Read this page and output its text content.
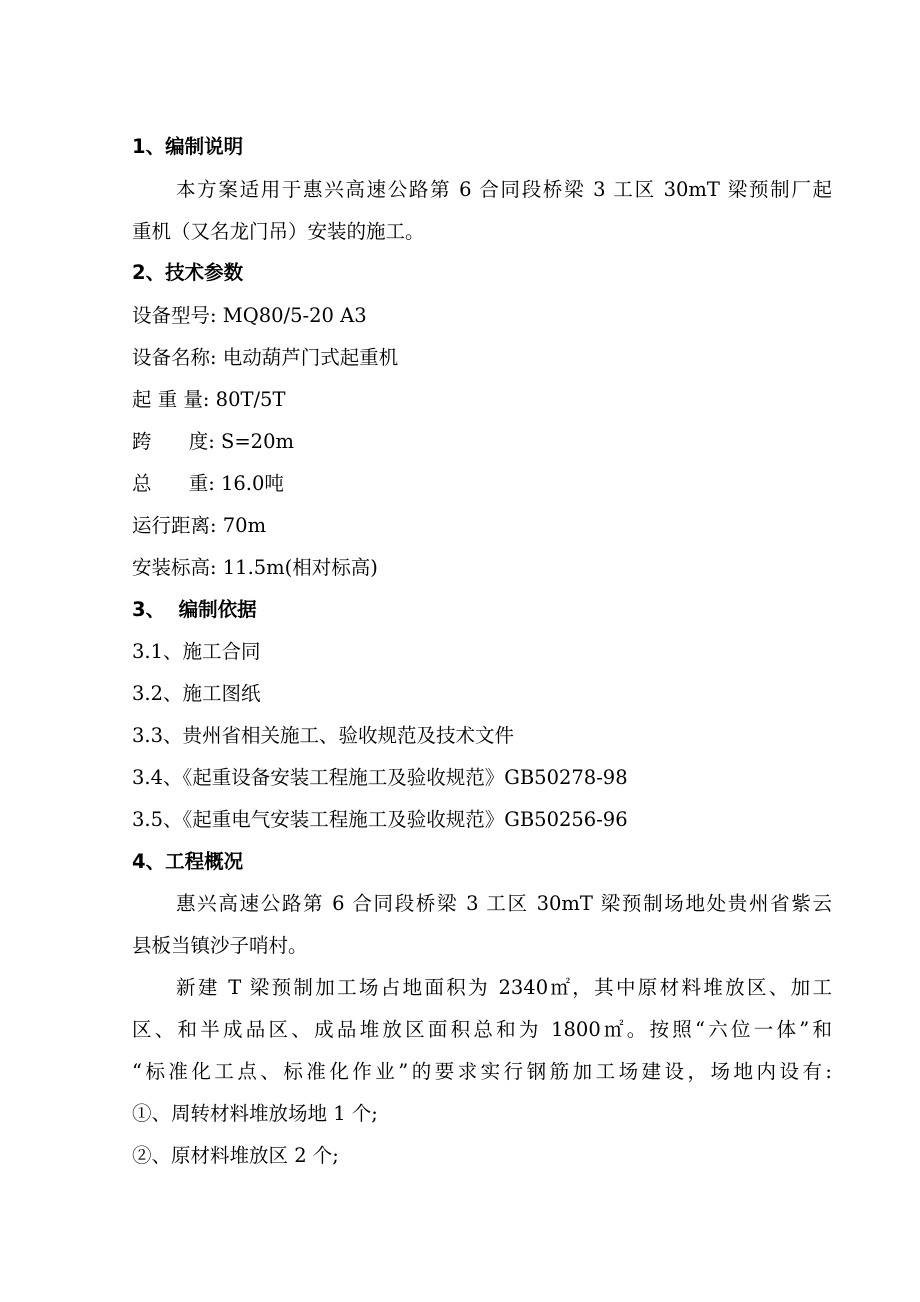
1、编制说明
本方案适用于惠兴高速公路第 6 合同段桥梁 3 工区 30mT 梁预制厂起
重机（又名龙门吊）安装的施工。
2、技术参数
设备型号: MQ80/5-20 A3
设备名称: 电动葫芦门式起重机
起 重 量: 80T/5T
跨      度: S=20m
总      重: 16.0吨
运行距离: 70m
安装标高: 11.5m(相对标高)
3、  编制依据
3.1、施工合同
3.2、施工图纸
3.3、贵州省相关施工、验收规范及技术文件
3.4、《起重设备安装工程施工及验收规范》GB50278-98
3.5、《起重电气安装工程施工及验收规范》GB50256-96
4、工程概况
惠兴高速公路第 6 合同段桥梁 3 工区 30mT 梁预制场地处贵州省紫云
县板当镇沙子哨村。
新建 T 梁预制加工场占地面积为 2340㎡，其中原材料堆放区、加工
区、和半成品区、成品堆放区面积总和为 1800㎡。按照“六位一体”和
“标准化工点、标准化作业”的要求实行钢筋加工场建设，场地内设有:
①、周转材料堆放场地 1 个;
②、原材料堆放区 2 个;
